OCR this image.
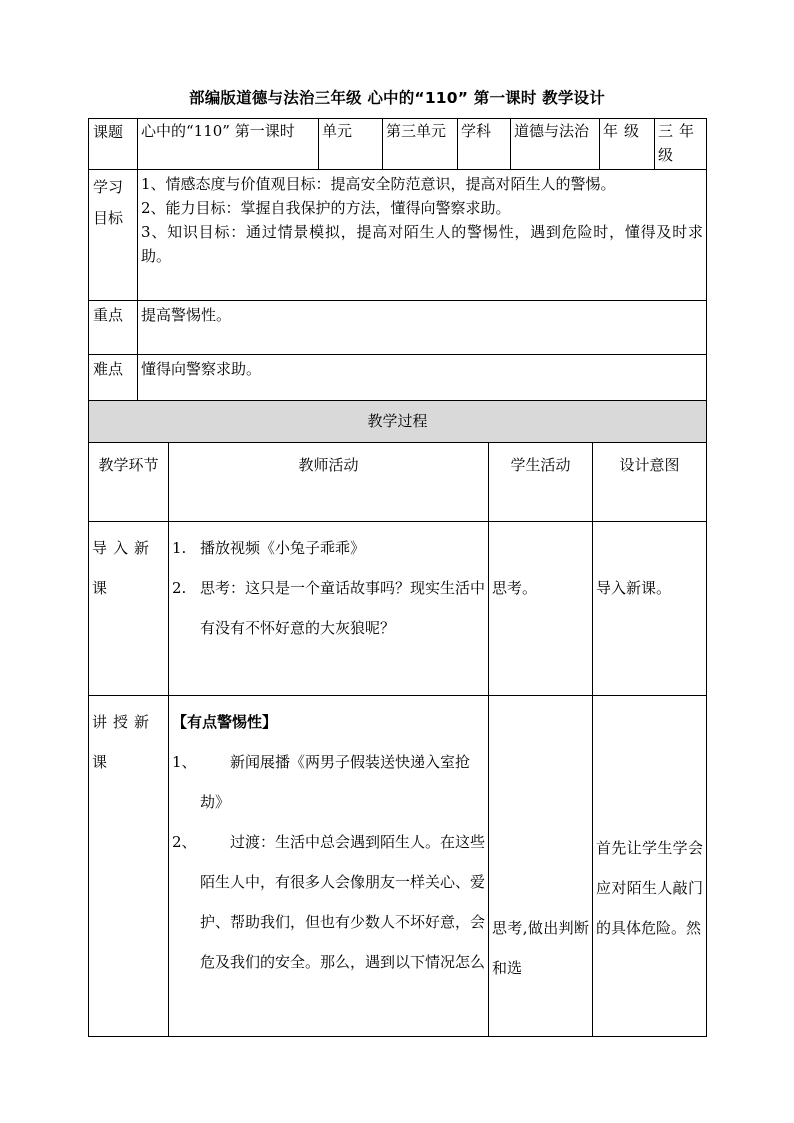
部编版道德与法治三年级 心中的“110” 第一课时 教学设计
课题	心中的“110” 第一课时	单元	第三单元	学科	道德与法治	年级	三年级
学习目标	1、情感态度与价值观目标：提高安全防范意识，提高对陌生人的警惕。
2、能力目标：掌握自我保护的方法，懂得向警察求助。
3、知识目标：通过情景模拟，提高对陌生人的警惕性，遇到危险时，懂得及时求助。						

重点	提高警惕性。						
难点	懂得向警察求助。						
教学过程			
教学环节	教师活动	学生活动	设计意图
导入新课	1. 播放视频《小兔子乖乖》
2. 思考：这只是一个童话故事吗？现实生活中有没有不怀好意的大灰狼呢？	思考。	导入新课。

讲授新课	【有点警惕性】
1、 新闻展播《两男子假装送快递入室抢劫》
2、 过渡：生活中总会遇到陌生人。在这些陌生人中，有很多人会像朋友一样关心、爱护、帮助我们，但也有少数人不坏好意，会危及我们的安全。那么，遇到以下情况怎么	思考,做出判断和选	首先让学生学会应对陌生人敲门的具体危险。然
